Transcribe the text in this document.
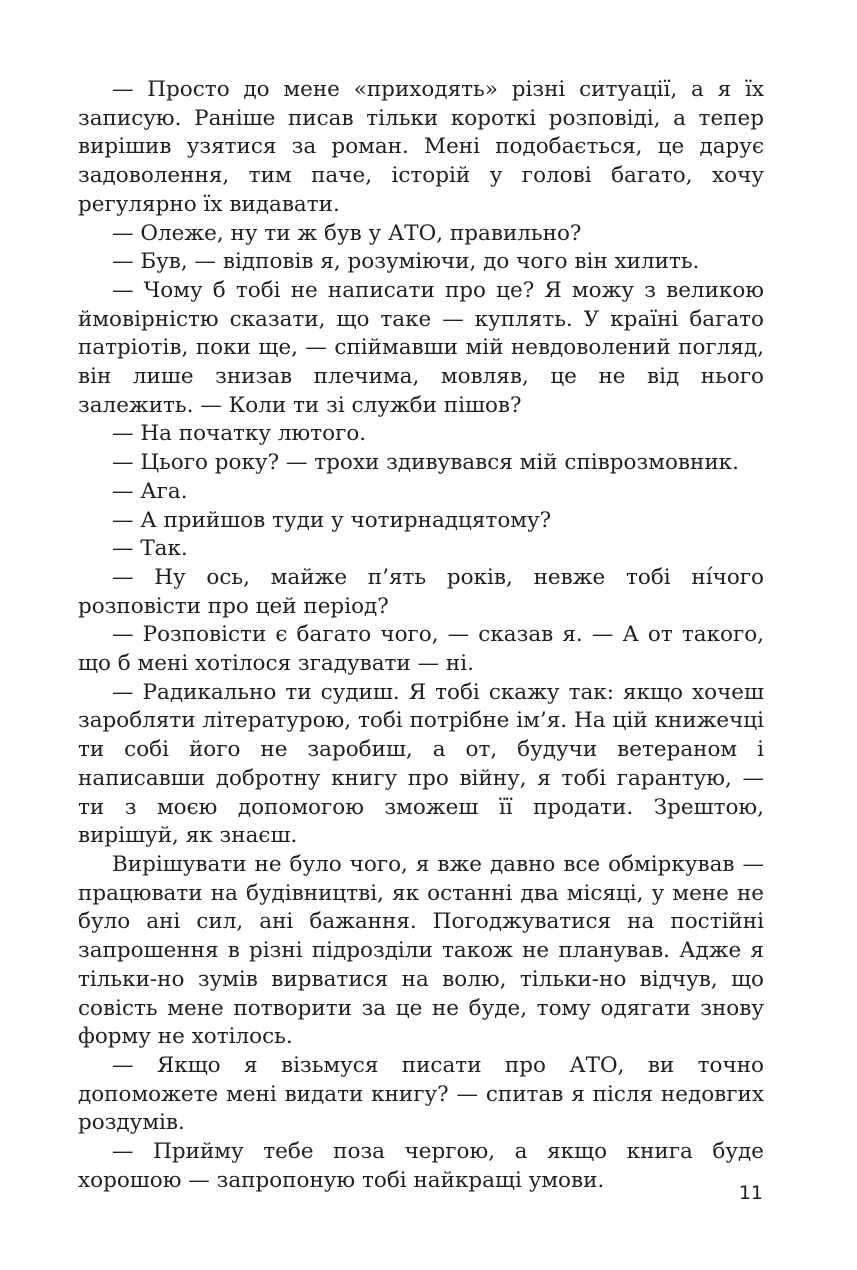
— Просто до мене «приходять» різні ситуації, а я їх записую. Раніше писав тільки короткі розповіді, а тепер вирішив узятися за роман. Мені подобається, це дарує задоволення, тим паче, історій у голові багато, хочу регулярно їх видавати.

— Олеже, ну ти ж був у АТО, правильно?

— Був, — відповів я, розуміючи, до чого він хилить.

— Чому б тобі не написати про це? Я можу з великою ймовірністю сказати, що таке — куплять. У країні багато патріотів, поки ще, — спіймавши мій невдоволений погляд, він лише знизав плечима, мовляв, це не від нього залежить. — Коли ти зі служби пішов?

— На початку лютого.

— Цього року? — трохи здивувався мій співрозмовник.

— Ага.

— А прийшов туди у чотирнадцятому?

— Так.

— Ну ось, майже п’ять років, невже тобі ні́чого розповісти про цей період?

— Розповісти є багато чого, — сказав я. — А от такого, що б мені хотілося згадувати — ні.

— Радикально ти судиш. Я тобі скажу так: якщо хочеш заробляти літературою, тобі потрібне ім’я. На цій книжечці ти собі його не заробиш, а от, будучи ветераном і написавши добротну книгу про війну, я тобі гарантую, — ти з моєю допомогою зможеш її продати. Зрештою, вирішуй, як знаєш.

Вирішувати не було чого, я вже давно все обміркував — працювати на будівництві, як останні два місяці, у мене не було ані сил, ані бажання. Погоджуватися на постійні запрошення в різні підрозділи також не планував. Адже я тільки-но зумів вирватися на волю, тільки-но відчув, що совість мене потворити за це не буде, тому одягати знову форму не хотілось.

— Якщо я візьмуся писати про АТО, ви точно допоможете мені видати книгу? — спитав я після недовгих роздумів.

— Прийму тебе поза чергою, а якщо книга буде хорошою — запропоную тобі найкращі умови.

11
